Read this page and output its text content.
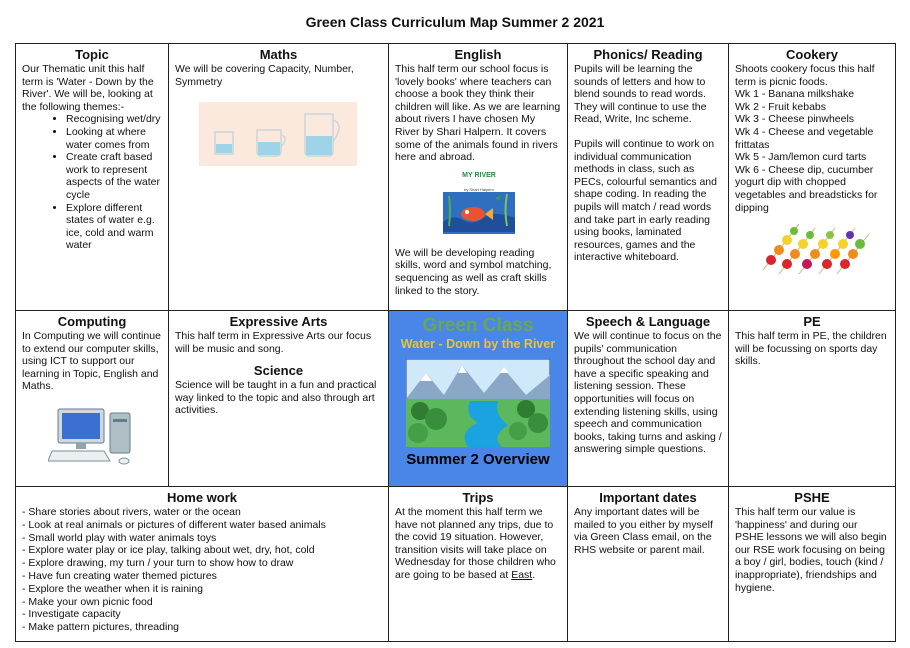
Green Class Curriculum Map Summer 2 2021
Topic

Our Thematic unit this half term is 'Water - Down by the River'. We will be, looking at the following themes:-

• Recognising wet/dry
• Looking at where water comes from
• Create craft based work to represent aspects of the water cycle
• Explore different states of water e.g. ice, cold and warm water
Maths

We will be covering Capacity, Number, Symmetry

English

This half term our school focus is 'lovely books' where teachers can choose a book they think their children will like. As we are learning about rivers I have chosen My River by Shari Halpern. It covers some of the animals found in rivers here and abroad.

MY RIVER
by Shari Halpern

We will be developing reading skills, word and symbol matching, sequencing as well as craft skills linked to the story.

Phonics/ Reading

Pupils will be learning the sounds of letters and how to blend sounds to read words. They will continue to use the Read, Write, Inc scheme.

Pupils will continue to work on individual communication methods in class, such as PECs, colourful semantics and shape coding. In reading the pupils will match / read words and take part in early reading using books, laminated resources, games and the interactive whiteboard.

Cookery

Shoots cookery focus this half term is picnic foods.

Wk 1 - Banana milkshake

Wk 2 - Fruit kebabs

Wk 3 - Cheese pinwheels

Wk 4 - Cheese and vegetable frittatas

Wk 5 - Jam/lemon curd tarts

Wk 6 - Cheese dip, cucumber yogurt dip with chopped vegetables and breadsticks for dipping

Computing

In Computing we will continue to extend our computer skills, using ICT to support our learning in Topic, English and Maths.

Expressive Arts

This half term in Expressive Arts our focus will be music and song.

Science

Science will be taught in a fun and practical way linked to the topic and also through art activities.

Green Class
Water - Down by the River
Summer 2 Overview
Speech & Language

We will continue to focus on the pupils' communication throughout the school day and have a specific speaking and listening session. These opportunities will focus on extending listening skills, using speech and communication books, taking turns and asking / answering simple questions.

PE

This half term in PE, the children will be focussing on sports day skills.

Home work

- Share stories about rivers, water or the ocean

- Look at real animals or pictures of different water based animals

- Small world play with water animals toys

- Explore water play or ice play, talking about wet, dry, hot, cold

- Explore drawing, my turn / your turn to show how to draw

- Have fun creating water themed pictures

- Explore the weather when it is raining

- Make your own picnic food

- Investigate capacity

- Make pattern pictures, threading

Trips

At the moment this half term we have not planned any trips, due to the covid 19 situation. However, transition visits will take place on Wednesday for those children who are going to be based at East.

Important dates

Any important dates will be mailed to you either by myself via Green Class email, on the RHS website or parent mail.

PSHE

This half term our value is 'happiness' and during our PSHE lessons we will also begin our RSE work focusing on being a boy / girl, bodies, touch (kind / inappropriate), friendships and hygiene.
